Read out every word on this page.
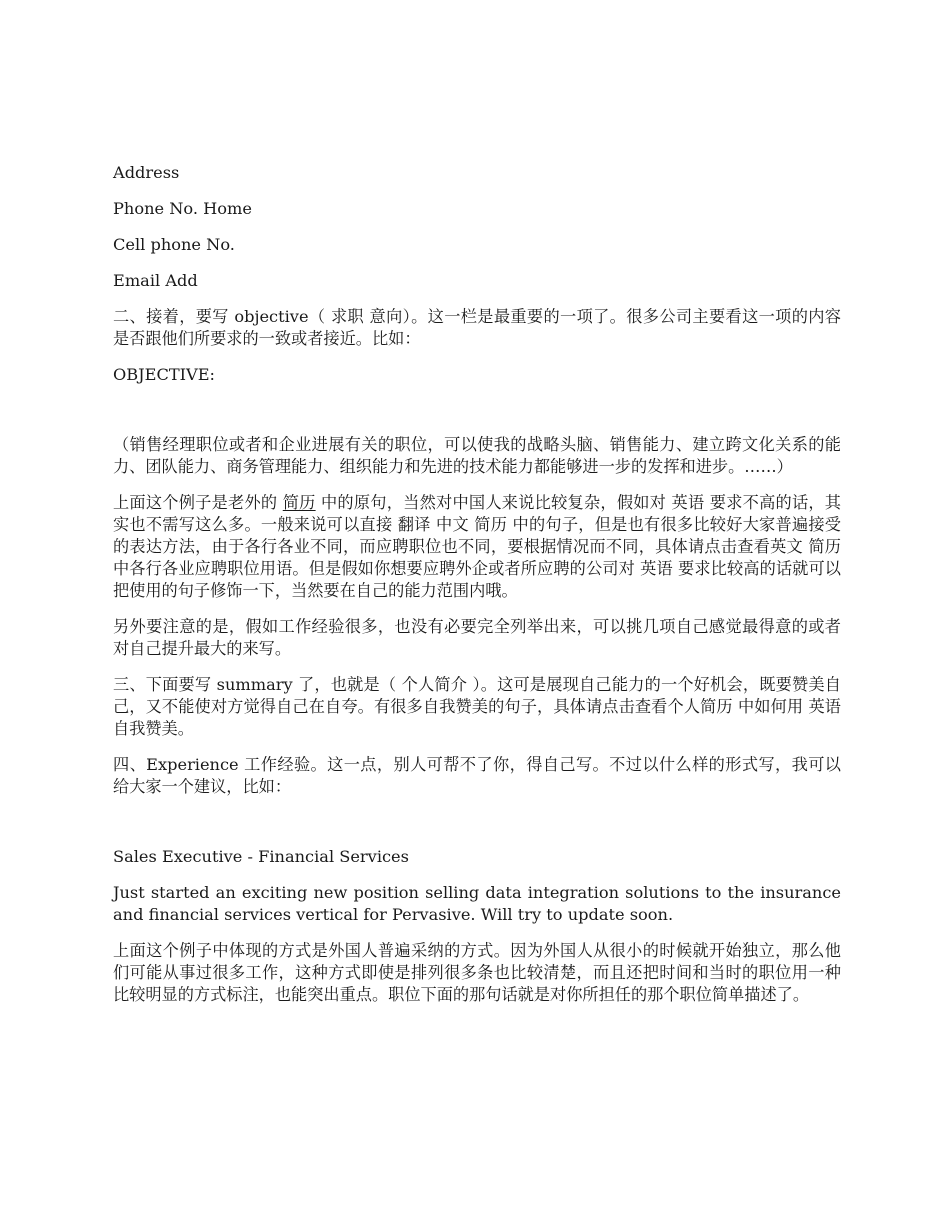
Address

Phone No. Home

Cell phone No.

Email Add

二、接着，要写 objective（ 求职 意向）。这一栏是最重要的一项了。很多公司主要看这一项的内容是否跟他们所要求的一致或者接近。比如：

OBJECTIVE:

（销售经理职位或者和企业进展有关的职位，可以使我的战略头脑、销售能力、建立跨文化关系的能力、团队能力、商务管理能力、组织能力和先进的技术能力都能够进一步的发挥和进步。……）

上面这个例子是老外的 简历 中的原句，当然对中国人来说比较复杂，假如对 英语 要求不高的话，其实也不需写这么多。一般来说可以直接 翻译 中文 简历 中的句子，但是也有很多比较好大家普遍接受的表达方法，由于各行各业不同，而应聘职位也不同，要根据情况而不同，具体请点击查看英文 简历 中各行各业应聘职位用语。但是假如你想要应聘外企或者所应聘的公司对 英语 要求比较高的话就可以把使用的句子修饰一下，当然要在自己的能力范围内哦。

另外要注意的是，假如工作经验很多，也没有必要完全列举出来，可以挑几项自己感觉最得意的或者对自己提升最大的来写。

三、下面要写 summary 了，也就是（ 个人简介 ）。这可是展现自己能力的一个好机会，既要赞美自己，又不能使对方觉得自己在自夸。有很多自我赞美的句子，具体请点击查看个人简历 中如何用 英语 自我赞美。

四、Experience 工作经验。这一点，别人可帮不了你，得自己写。不过以什么样的形式写，我可以给大家一个建议，比如：

Sales Executive - Financial Services

Just started an exciting new position selling data integration solutions to the insurance and financial services vertical for Pervasive. Will try to update soon.

上面这个例子中体现的方式是外国人普遍采纳的方式。因为外国人从很小的时候就开始独立，那么他们可能从事过很多工作，这种方式即使是排列很多条也比较清楚，而且还把时间和当时的职位用一种比较明显的方式标注，也能突出重点。职位下面的那句话就是对你所担任的那个职位简单描述了。
